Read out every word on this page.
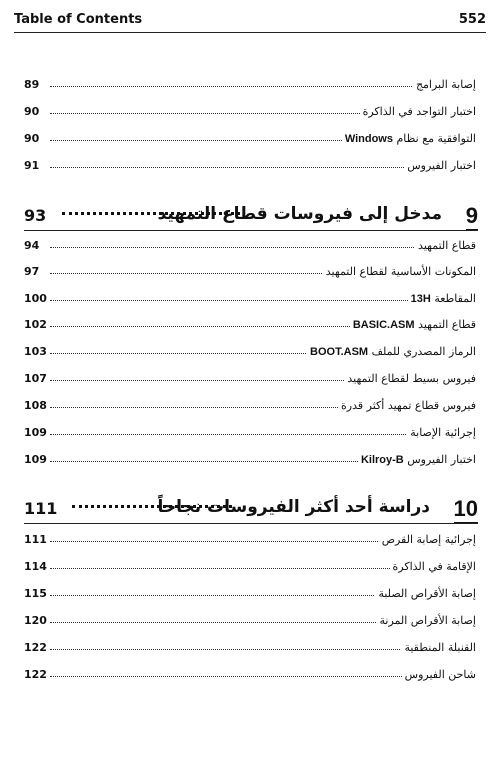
Table of Contents	552
89	إصابة البرامج
90	اختبار التواجد في الذاكرة
90	التوافقية مع نظام Windows
91	اختبار الفيروس
93	مدخل إلى فيروسات قطاع التمهيد 9
94	قطاع التمهيد
97	المكونات الأساسية لقطاع التمهيد
100	المقاطعة 13H
102	قطاع التمهيد BASIC.ASM
103	الرماز المصدري للملف BOOT.ASM
107	فيروس بسيط لقطاع التمهيد
108	فيروس قطاع تمهيد أكثر قدرة
109	إجرائية الإصابة
109	اختبار الفيروس Kilroy-B
111	دراسة أحد أكثر الفيروسات نجاحاً 10
111	إجرائية إصابة القرص
114	الإقامة في الذاكرة
115	إصابة الأقراص الصلبة
120	إصابة الأقراص المرنة
122	القنبلة المنطقية
122	شاحن الفيروس
